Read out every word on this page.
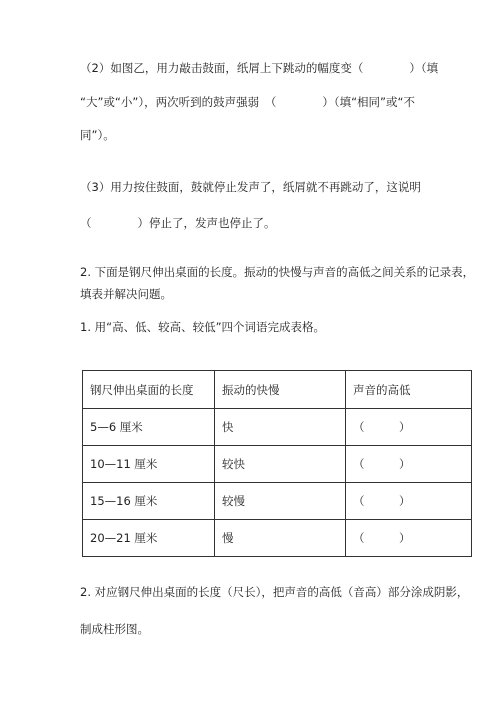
（2）如图乙，用力敲击鼓面，纸屑上下跳动的幅度变（　　　　）（填
“大”或“小”），两次听到的鼓声强弱　（　　　　）（填“相同”或“不
同”）。
（3）用力按住鼓面，鼓就停止发声了，纸屑就不再跳动了，这说明
（　　　　）停止了，发声也停止了。
2. 下面是钢尺伸出桌面的长度。振动的快慢与声音的高低之间关系的记录表，
填表并解决问题。
1. 用“高、低、较高、较低”四个词语完成表格。
钢尺伸出桌面的长度	振动的快慢	声音的高低
5—6 厘米	快	（　　　）
10—11 厘米	较快	（　　　）
15—16 厘米	较慢	（　　　）
20—21 厘米	慢	（　　　）
2. 对应钢尺伸出桌面的长度（尺长），把声音的高低（音高）部分涂成阴影，
制成柱形图。
